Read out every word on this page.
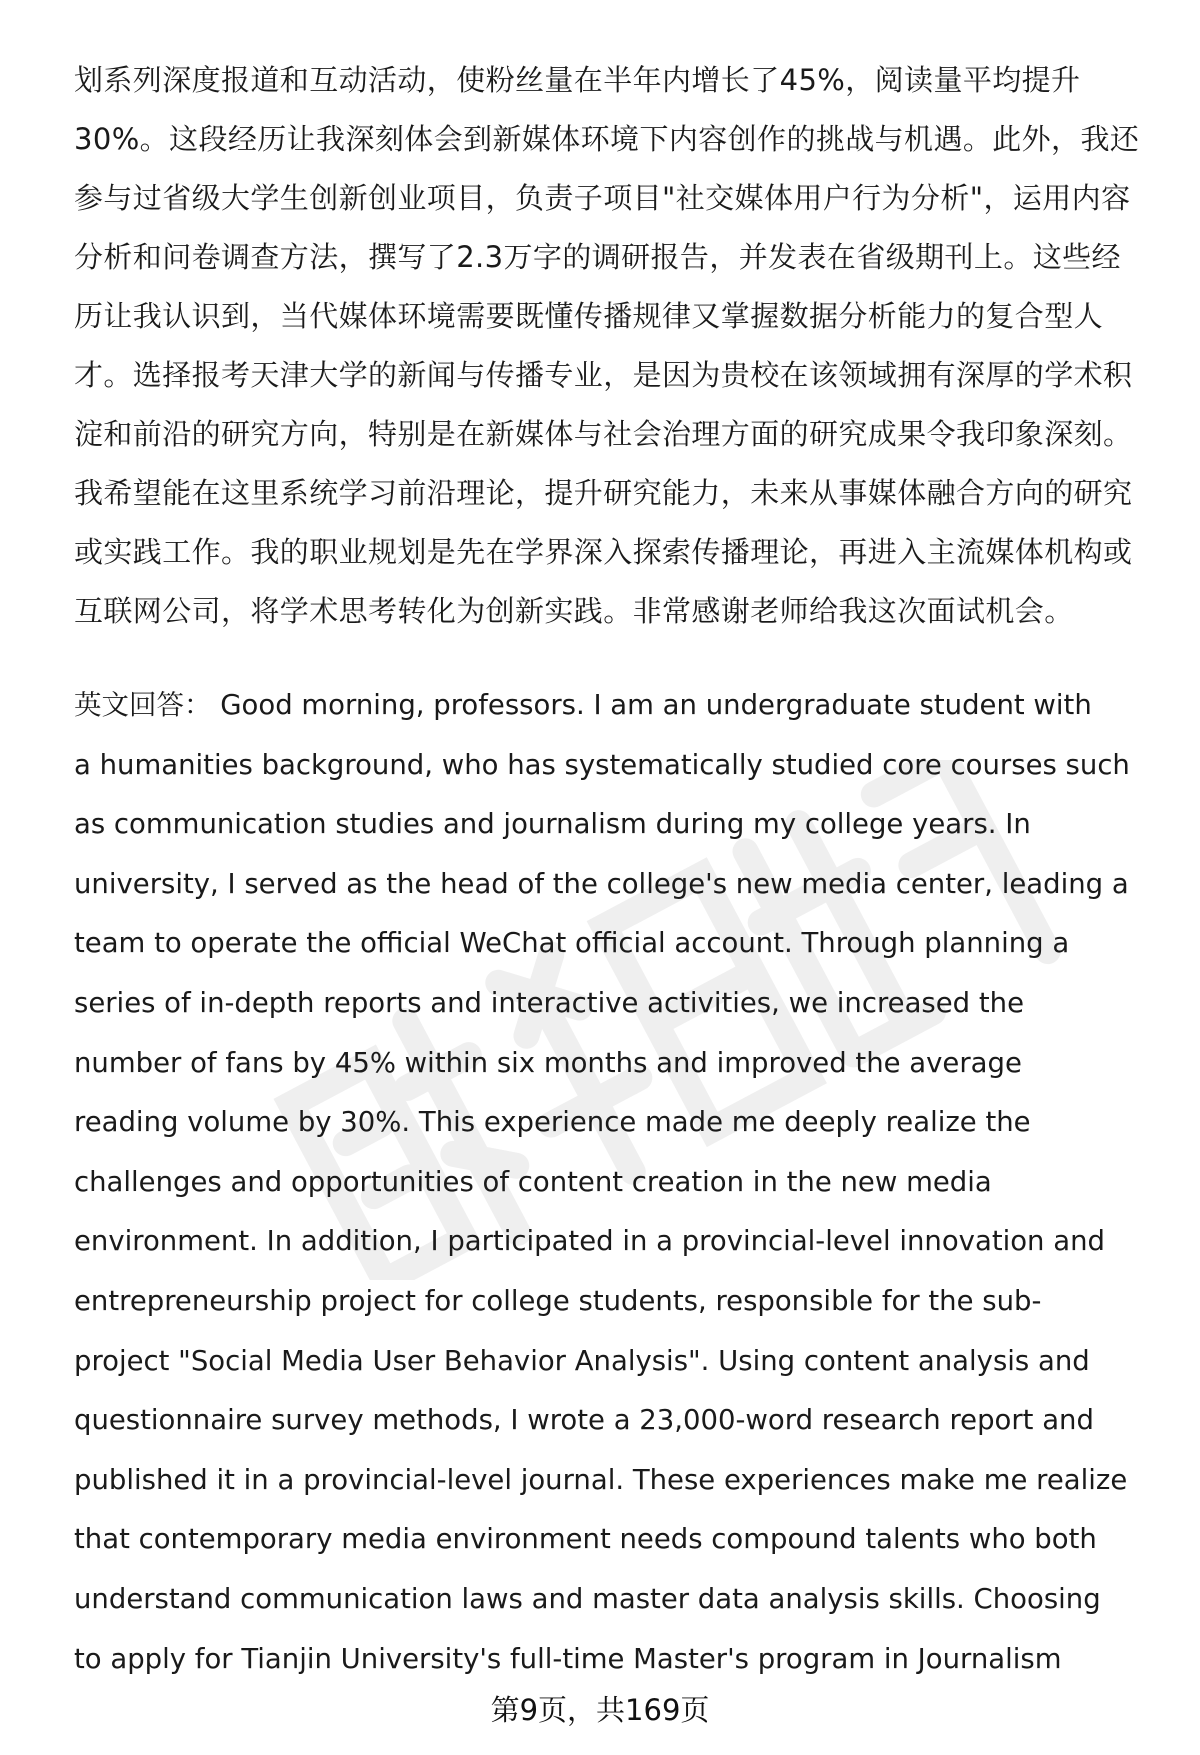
划系列深度报道和互动活动，使粉丝量在半年内增长了45%，阅读量平均提升
30%。这段经历让我深刻体会到新媒体环境下内容创作的挑战与机遇。此外，我还
参与过省级大学生创新创业项目，负责子项目"社交媒体用户行为分析"，运用内容
分析和问卷调查方法，撰写了2.3万字的调研报告，并发表在省级期刊上。这些经
历让我认识到，当代媒体环境需要既懂传播规律又掌握数据分析能力的复合型人
才。选择报考天津大学的新闻与传播专业，是因为贵校在该领域拥有深厚的学术积
淀和前沿的研究方向，特别是在新媒体与社会治理方面的研究成果令我印象深刻。
我希望能在这里系统学习前沿理论，提升研究能力，未来从事媒体融合方向的研究
或实践工作。我的职业规划是先在学界深入探索传播理论，再进入主流媒体机构或
互联网公司，将学术思考转化为创新实践。非常感谢老师给我这次面试机会。
英文回答： Good morning, professors. I am an undergraduate student with
a humanities background, who has systematically studied core courses such
as communication studies and journalism during my college years. In
university, I served as the head of the college's new media center, leading a
team to operate the official WeChat official account. Through planning a
series of in-depth reports and interactive activities, we increased the
number of fans by 45% within six months and improved the average
reading volume by 30%. This experience made me deeply realize the
challenges and opportunities of content creation in the new media
environment. In addition, I participated in a provincial-level innovation and
entrepreneurship project for college students, responsible for the sub-
project "Social Media User Behavior Analysis". Using content analysis and
questionnaire survey methods, I wrote a 23,000-word research report and
published it in a provincial-level journal. These experiences make me realize
that contemporary media environment needs compound talents who both
understand communication laws and master data analysis skills. Choosing
to apply for Tianjin University's full-time Master's program in Journalism
第9页，共169页
